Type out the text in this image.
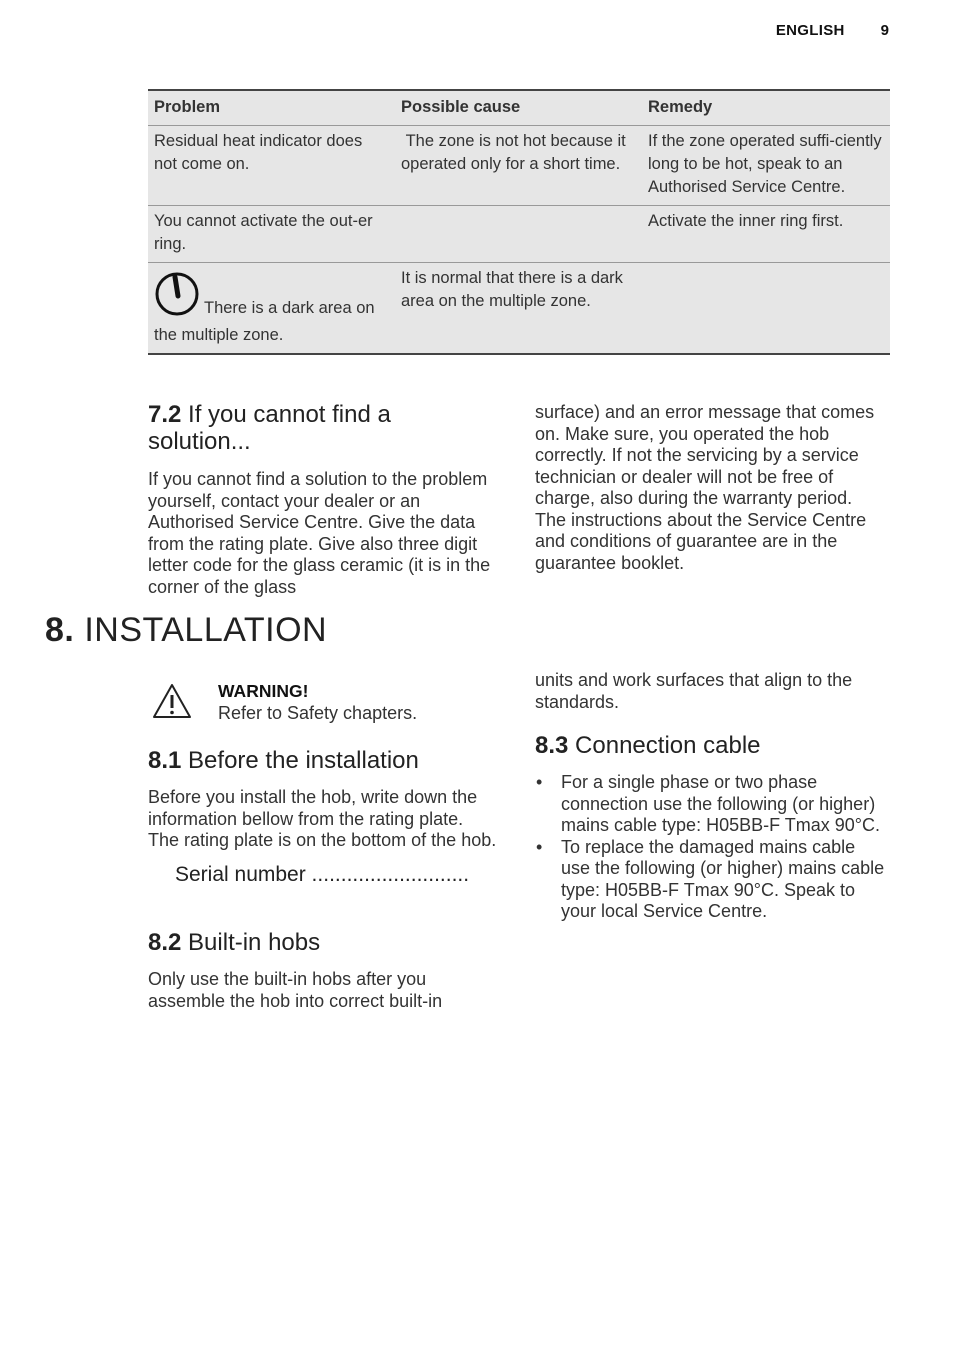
ENGLISH 9
Problem	Possible cause	Remedy
Residual heat indicator does not come on.	The zone is not hot because it operated only for a short time.	If the zone operated suffi-ciently long to be hot, speak to an Authorised Service Centre.
You cannot activate the out-er ring.		Activate the inner ring first.
There is a dark area on the multiple zone.	It is normal that there is a dark area on the multiple zone.	
7.2 If you cannot find a solution...

If you cannot find a solution to the problem yourself, contact your dealer or an Authorised Service Centre. Give the data from the rating plate. Give also three digit letter code for the glass ceramic (it is in the corner of the glass

surface) and an error message that comes on. Make sure, you operated the hob correctly. If not the servicing by a service technician or dealer will not be free of charge, also during the warranty period. The instructions about the Service Centre and conditions of guarantee are in the guarantee booklet.

8. INSTALLATION
WARNING!
Refer to Safety chapters.
8.1 Before the installation

Before you install the hob, write down the information bellow from the rating plate. The rating plate is on the bottom of the hob.

Serial number ...........................

8.2 Built-in hobs

Only use the built-in hobs after you assemble the hob into correct built-in

units and work surfaces that align to the standards.

8.3 Connection cable
• For a single phase or two phase connection use the following (or higher) mains cable type: H05BB-F Tmax 90°C.
• To replace the damaged mains cable use the following (or higher) mains cable type: H05BB-F Tmax 90°C. Speak to your local Service Centre.
